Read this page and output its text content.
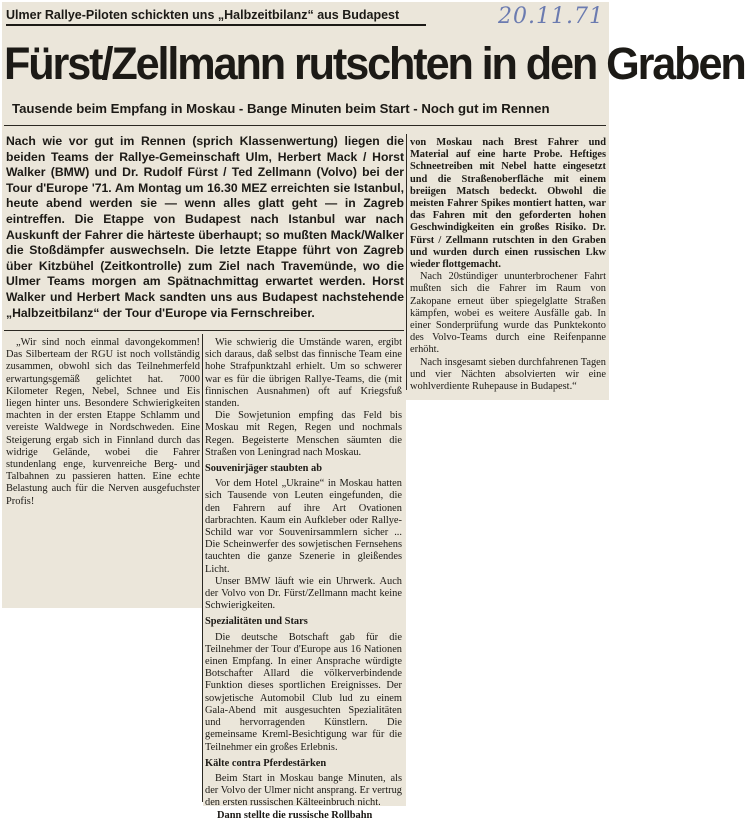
Ulmer Rallye-Piloten schickten uns „Halbzeitbilanz“ aus Budapest	20.11.71
Fürst/Zellmann rutschten in den Graben
Tausende beim Empfang in Moskau - Bange Minuten beim Start - Noch gut im Rennen
Nach wie vor gut im Rennen (sprich Klassenwertung) liegen die beiden Teams der Rallye-Gemeinschaft Ulm, Herbert Mack / Horst Walker (BMW) und Dr. Rudolf Fürst / Ted Zellmann (Volvo) bei der Tour d'Europe '71. Am Montag um 16.30 MEZ erreichten sie Istanbul, heute abend werden sie — wenn alles glatt geht — in Zagreb eintreffen. Die Etappe von Budapest nach Istanbul war nach Auskunft der Fahrer die härteste überhaupt; so mußten Mack/Walker die Stoßdämpfer auswechseln. Die letzte Etappe führt von Zagreb über Kitzbühel (Zeitkontrolle) zum Ziel nach Travemünde, wo die Ulmer Teams morgen am Spätnachmittag erwartet werden. Horst Walker und Herbert Mack sandten uns aus Budapest nachstehende „Halbzeitbilanz“ der Tour d'Europe via Fernschreiber.

„Wir sind noch einmal davongekommen! Das Silberteam der RGU ist noch vollständig zusammen, obwohl sich das Teilnehmerfeld erwartungsgemäß gelichtet hat. 7000 Kilometer Regen, Nebel, Schnee und Eis liegen hinter uns. Besondere Schwierigkeiten machten in der ersten Etappe Schlamm und vereiste Waldwege in Nordschweden. Eine Steigerung ergab sich in Finnland durch das widrige Gelände, wobei die Fahrer stundenlang enge, kurvenreiche Berg- und Talbahnen zu passieren hatten. Eine echte Belastung auch für die Nerven ausgefuchster Profis!

Wie schwierig die Umstände waren, ergibt sich daraus, daß selbst das finnische Team eine hohe Strafpunktzahl erhielt. Um so schwerer war es für die übrigen Rallye-Teams, die (mit finnischen Ausnahmen) oft auf Kriegsfuß standen.

Die Sowjetunion empfing das Feld bis Moskau mit Regen, Regen und nochmals Regen. Begeisterte Menschen säumten die Straßen von Leningrad nach Moskau.

Souvenirjäger staubten ab

Vor dem Hotel „Ukraine“ in Moskau hatten sich Tausende von Leuten eingefunden, die den Fahrern auf ihre Art Ovationen darbrachten. Kaum ein Aufkleber oder Rallye-Schild war vor Souvenirsammlern sicher ... Die Scheinwerfer des sowjetischen Fernsehens tauchten die ganze Szenerie in gleißendes Licht.

Unser BMW läuft wie ein Uhrwerk. Auch der Volvo von Dr. Fürst/Zellmann macht keine Schwierigkeiten.

Spezialitäten und Stars

Die deutsche Botschaft gab für die Teilnehmer der Tour d'Europe aus 16 Nationen einen Empfang. In einer Ansprache würdigte Botschafter Allard die völkerverbindende Funktion dieses sportlichen Ereignisses. Der sowjetische Automobil Club lud zu einem Gala-Abend mit ausgesuchten Spezialitäten und hervorragenden Künstlern. Die gemeinsame Kreml-Besichtigung war für die Teilnehmer ein großes Erlebnis.

Kälte contra Pferdestärken

Beim Start in Moskau bange Minuten, als der Volvo der Ulmer nicht ansprang. Er vertrug den ersten russischen Kälteeinbruch nicht.

Dann stellte die russische Rollbahn

von Moskau nach Brest Fahrer und Material auf eine harte Probe. Heftiges Schneetreiben mit Nebel hatte eingesetzt und die Straßenoberfläche mit einem breiigen Matsch bedeckt. Obwohl die meisten Fahrer Spikes montiert hatten, war das Fahren mit den geforderten hohen Geschwindigkeiten ein großes Risiko. Dr. Fürst / Zellmann rutschten in den Graben und wurden durch einen russischen Lkw wieder flottgemacht.

Nach 20stündiger ununterbrochener Fahrt mußten sich die Fahrer im Raum von Zakopane erneut über spiegelglatte Straßen kämpfen, wobei es weitere Ausfälle gab. In einer Sonderprüfung wurde das Punktekonto des Volvo-Teams durch eine Reifenpanne erhöht.

Nach insgesamt sieben durchfahrenen Tagen und vier Nächten absolvierten wir eine wohlverdiente Ruhepause in Budapest.“
